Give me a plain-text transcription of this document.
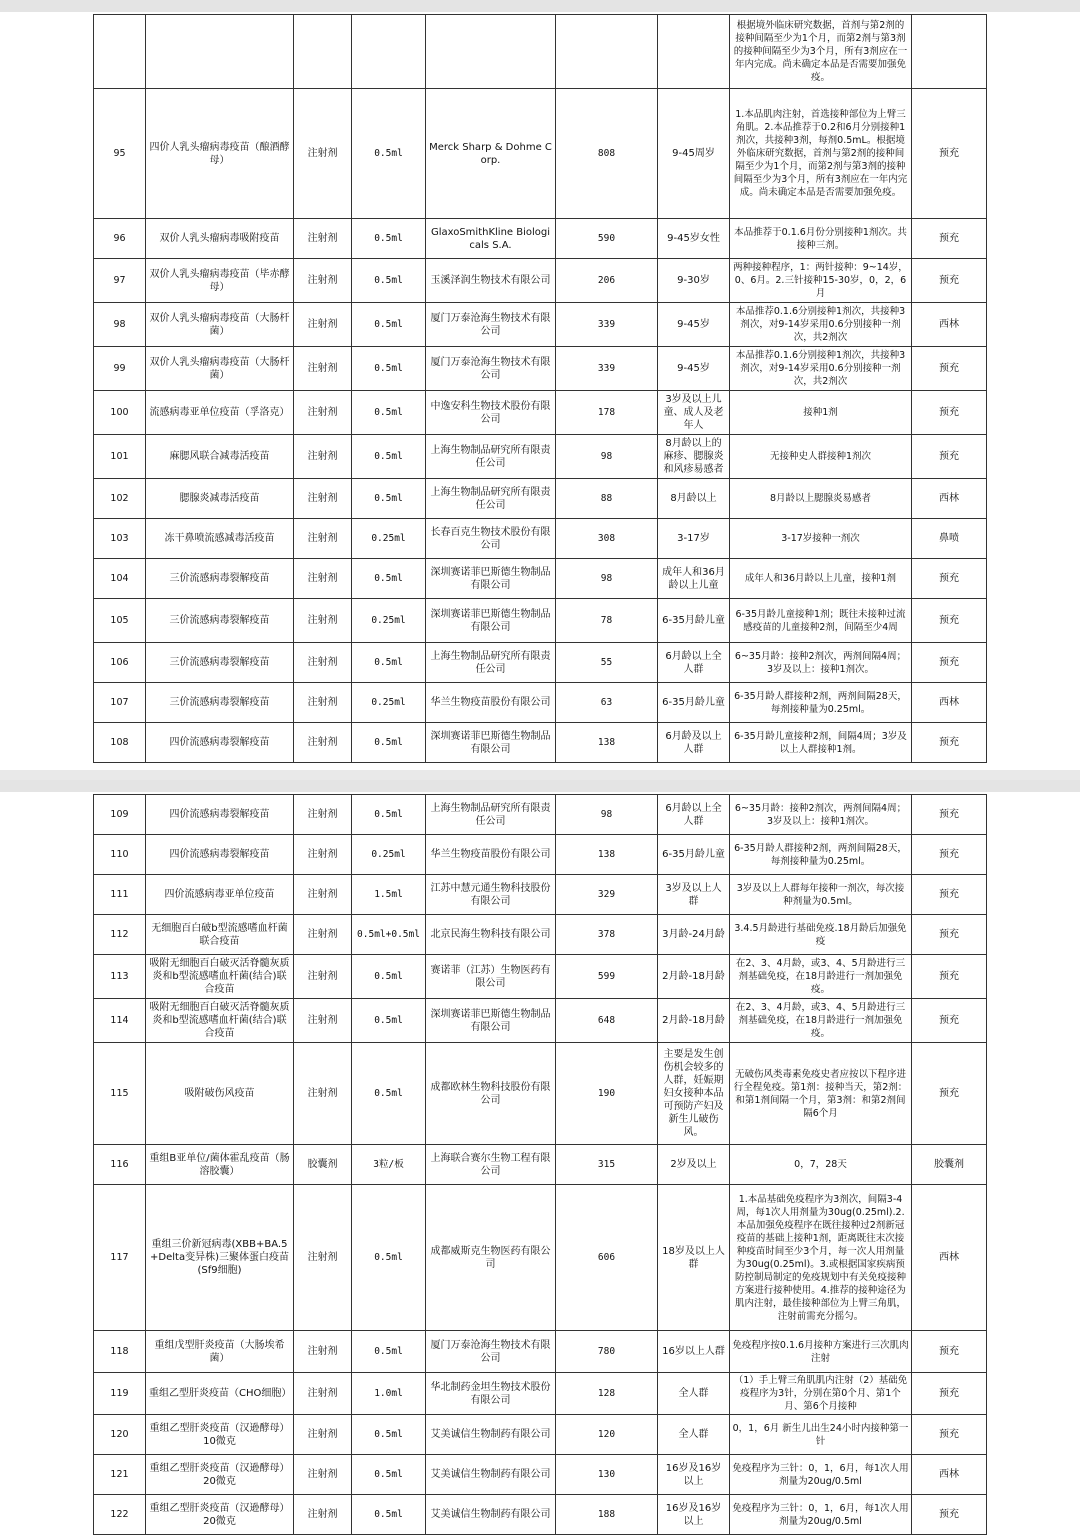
							根据境外临床研究数据，首剂与第2剂的接种间隔至少为1个月，而第2剂与第3剂的接种间隔至少为3个月，所有3剂应在一年内完成。尚未确定本品是否需要加强免疫。	
95	四价人乳头瘤病毒疫苗（酿酒酵母）	注射剂	0.5ml	Merck Sharp & Dohme Corp.	808	9-45周岁	1.本品肌肉注射，首选接种部位为上臂三角肌。2.本品推荐于0.2和6月分别接种1剂次，共接种3剂，每剂0.5mL。根据境外临床研究数据，首剂与第2剂的接种间隔至少为1个月，而第2剂与第3剂的接种间隔至少为3个月，所有3剂应在一年内完成。尚未确定本品是否需要加强免疫。	预充
96	双价人乳头瘤病毒吸附疫苗	注射剂	0.5ml	GlaxoSmithKline Biologicals S.A.	590	9-45岁女性	本品推荐于0.1.6月份分别接种1剂次。共接种三剂。	预充
97	双价人乳头瘤病毒疫苗（毕赤酵母）	注射剂	0.5ml	玉溪泽润生物技术有限公司	206	9-30岁	两种接种程序，1：两针接种：9~14岁，0、6月。2.三针接种15-30岁，0，2，6月	预充
98	双价人乳头瘤病毒疫苗（大肠杆菌）	注射剂	0.5ml	厦门万泰沧海生物技术有限公司	339	9-45岁	本品推荐0.1.6分别接种1剂次，共接种3剂次，对9-14岁采用0.6分别接种一剂次，共2剂次	西林
99	双价人乳头瘤病毒疫苗（大肠杆菌）	注射剂	0.5ml	厦门万泰沧海生物技术有限公司	339	9-45岁	本品推荐0.1.6分别接种1剂次，共接种3剂次，对9-14岁采用0.6分别接种一剂次，共2剂次	预充
100	流感病毒亚单位疫苗（孚洛克）	注射剂	0.5ml	中逸安科生物技术股份有限公司	178	3岁及以上儿童、成人及老年人	接种1剂	预充
101	麻腮风联合减毒活疫苗	注射剂	0.5ml	上海生物制品研究所有限责任公司	98	8月龄以上的麻疹、腮腺炎和风疹易感者	无接种史人群接种1剂次	预充
102	腮腺炎减毒活疫苗	注射剂	0.5ml	上海生物制品研究所有限责任公司	88	8月龄以上	8月龄以上腮腺炎易感者	西林
103	冻干鼻喷流感减毒活疫苗	注射剂	0.25ml	长春百克生物技术股份有限公司	308	3-17岁	3-17岁接种一剂次	鼻喷
104	三价流感病毒裂解疫苗	注射剂	0.5ml	深圳赛诺菲巴斯德生物制品有限公司	98	成年人和36月龄以上儿童	成年人和36月龄以上儿童，接种1剂	预充
105	三价流感病毒裂解疫苗	注射剂	0.25ml	深圳赛诺菲巴斯德生物制品有限公司	78	6-35月龄儿童	6-35月龄儿童接种1剂；既往未接种过流感疫苗的儿童接种2剂，间隔至少4周	预充
106	三价流感病毒裂解疫苗	注射剂	0.5ml	上海生物制品研究所有限责任公司	55	6月龄以上全人群	6~35月龄：接种2剂次，两剂间隔4周；3岁及以上：接种1剂次。	预充
107	三价流感病毒裂解疫苗	注射剂	0.25ml	华兰生物疫苗股份有限公司	63	6-35月龄儿童	6-35月龄人群接种2剂，两剂间隔28天，每剂接种量为0.25ml。	西林
108	四价流感病毒裂解疫苗	注射剂	0.5ml	深圳赛诺菲巴斯德生物制品有限公司	138	6月龄及以上人群	6-35月龄儿童接种2剂，间隔4周；3岁及以上人群接种1剂。	预充
109	四价流感病毒裂解疫苗	注射剂	0.5ml	上海生物制品研究所有限责任公司	98	6月龄以上全人群	6~35月龄：接种2剂次，两剂间隔4周；3岁及以上：接种1剂次。	预充
110	四价流感病毒裂解疫苗	注射剂	0.25ml	华兰生物疫苗股份有限公司	138	6-35月龄儿童	6-35月龄人群接种2剂，两剂间隔28天，每剂接种量为0.25ml。	预充
111	四价流感病毒亚单位疫苗	注射剂	1.5ml	江苏中慧元通生物科技股份有限公司	329	3岁及以上人群	3岁及以上人群每年接种一剂次，每次接种剂量为0.5ml。	预充
112	无细胞百白破b型流感嗜血杆菌联合疫苗	注射剂	0.5ml+0.5ml	北京民海生物科技有限公司	378	3月龄-24月龄	3.4.5月龄进行基础免疫.18月龄后加强免疫	预充
113	吸附无细胞百白破灭活脊髓灰质炎和b型流感嗜血杆菌(结合)联合疫苗	注射剂	0.5ml	赛诺菲（江苏）生物医药有限公司	599	2月龄-18月龄	在2、3、4月龄，或3、4、5月龄进行三剂基础免疫，在18月龄进行一剂加强免疫。	预充
114	吸附无细胞百白破灭活脊髓灰质炎和b型流感嗜血杆菌(结合)联合疫苗	注射剂	0.5ml	深圳赛诺菲巴斯德生物制品有限公司	648	2月龄-18月龄	在2、3、4月龄，或3、4、5月龄进行三剂基础免疫，在18月龄进行一剂加强免疫。	预充
115	吸附破伤风疫苗	注射剂	0.5ml	成都欧林生物科技股份有限公司	190	主要是发生创伤机会较多的人群，妊娠期妇女接种本品可预防产妇及新生儿破伤风。	无破伤风类毒素免疫史者应按以下程序进行全程免疫。第1剂：接种当天，第2剂：和第1剂间隔一个月，第3剂：和第2剂间隔6个月	预充
116	重组B亚单位/菌体霍乱疫苗（肠溶胶囊）	胶囊剂	3粒/板	上海联合赛尔生物工程有限公司	315	2岁及以上	0，7，28天	胶囊剂
117	重组三价新冠病毒(XBB+BA.5+Delta变异株)三聚体蛋白疫苗(Sf9细胞)	注射剂	0.5ml	成都威斯克生物医药有限公司	606	18岁及以上人群	1.本品基础免疫程序为3剂次，间隔3-4周，每1次人用剂量为30ug(0.25ml).2.本品加强免疫程序在既往接种过2剂新冠疫苗的基础上接种1剂，距离既往末次接种疫苗时间至少3个月，每一次人用剂量为30ug(0.25ml)。3.或根据国家疾病预防控制局制定的免疫规划中有关免疫接种方案进行接种使用。4.推荐的接种途径为肌内注射，最佳接种部位为上臂三角肌，注射前需充分摇匀。	西林
118	重组戊型肝炎疫苗（大肠埃希菌）	注射剂	0.5ml	厦门万泰沧海生物技术有限公司	780	16岁以上人群	免疫程序按0.1.6月接种方案进行三次肌肉注射	预充
119	重组乙型肝炎疫苗（CHO细胞）	注射剂	1.0ml	华北制药金坦生物技术股份有限公司	128	全人群	（1）手上臂三角肌肌内注射（2）基础免疫程序为3针，分别在第0个月、第1个月、第6个月接种	预充
120	重组乙型肝炎疫苗（汉逊酵母）10微克	注射剂	0.5ml	艾美诚信生物制药有限公司	120	全人群	0，1，6月 新生儿出生24小时内接种第一针	预充
121	重组乙型肝炎疫苗（汉逊酵母）20微克	注射剂	0.5ml	艾美诚信生物制药有限公司	130	16岁及16岁以上	免疫程序为三针：0，1，6月，每1次人用剂量为20ug/0.5ml	西林
122	重组乙型肝炎疫苗（汉逊酵母）20微克	注射剂	0.5ml	艾美诚信生物制药有限公司	188	16岁及16岁以上	免疫程序为三针：0，1，6月，每1次人用剂量为20ug/0.5ml	预充
